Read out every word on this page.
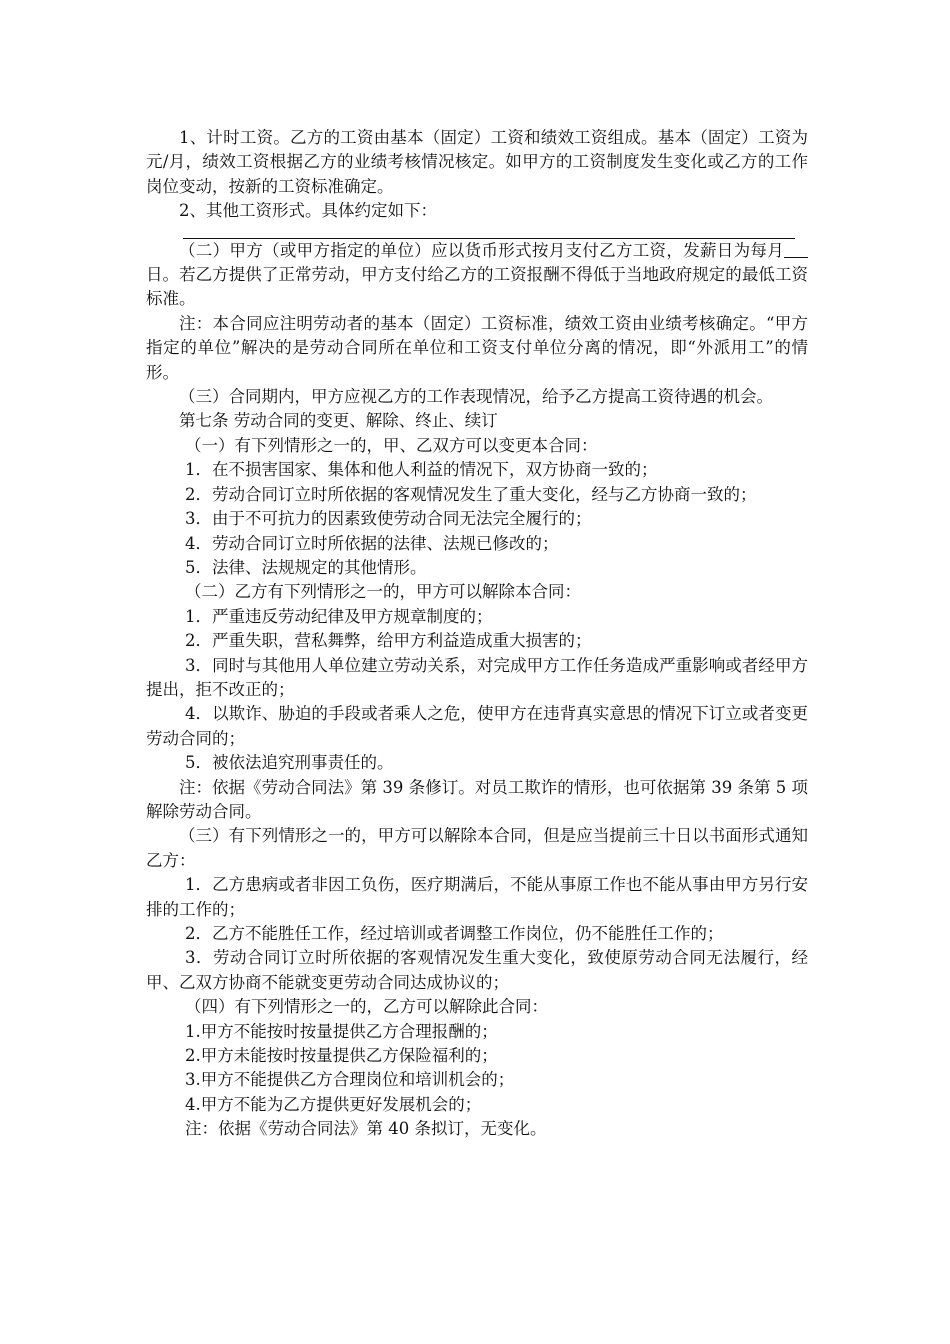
1、计时工资。乙方的工资由基本（固定）工资和绩效工资组成。基本（固定）工资为　元/月，绩效工资根据乙方的业绩考核情况核定。如甲方的工资制度发生变化或乙方的工作岗位变动，按新的工资标准确定。

2、其他工资形式。具体约定如下：

（二）甲方（或甲方指定的单位）应以货币形式按月支付乙方工资，发薪日为每月日。若乙方提供了正常劳动，甲方支付给乙方的工资报酬不得低于当地政府规定的最低工资标准。

注：本合同应注明劳动者的基本（固定）工资标准，绩效工资由业绩考核确定。“甲方指定的单位”解决的是劳动合同所在单位和工资支付单位分离的情况，即“外派用工”的情形。

（三）合同期内，甲方应视乙方的工作表现情况，给予乙方提高工资待遇的机会。

第七条 劳动合同的变更、解除、终止、续订

（一）有下列情形之一的，甲、乙双方可以变更本合同：

1．在不损害国家、集体和他人利益的情况下，双方协商一致的；

2．劳动合同订立时所依据的客观情况发生了重大变化，经与乙方协商一致的；

3．由于不可抗力的因素致使劳动合同无法完全履行的；

4．劳动合同订立时所依据的法律、法规已修改的；

5．法律、法规规定的其他情形。

（二）乙方有下列情形之一的，甲方可以解除本合同：

1．严重违反劳动纪律及甲方规章制度的；

2．严重失职，营私舞弊，给甲方利益造成重大损害的；

3．同时与其他用人单位建立劳动关系，对完成甲方工作任务造成严重影响或者经甲方提出，拒不改正的；

4．以欺诈、胁迫的手段或者乘人之危，使甲方在违背真实意思的情况下订立或者变更劳动合同的；

5．被依法追究刑事责任的。

注：依据《劳动合同法》第 39 条修订。对员工欺诈的情形，也可依据第 39 条第 5 项解除劳动合同。

（三）有下列情形之一的，甲方可以解除本合同，但是应当提前三十日以书面形式通知乙方：

1．乙方患病或者非因工负伤，医疗期满后，不能从事原工作也不能从事由甲方另行安排的工作的；

2．乙方不能胜任工作，经过培训或者调整工作岗位，仍不能胜任工作的；

3．劳动合同订立时所依据的客观情况发生重大变化，致使原劳动合同无法履行，经甲、乙双方协商不能就变更劳动合同达成协议的；

（四）有下列情形之一的，乙方可以解除此合同：

1.甲方不能按时按量提供乙方合理报酬的；

2.甲方未能按时按量提供乙方保险福利的；

3.甲方不能提供乙方合理岗位和培训机会的；

4.甲方不能为乙方提供更好发展机会的；

注：依据《劳动合同法》第 40 条拟订，无变化。
